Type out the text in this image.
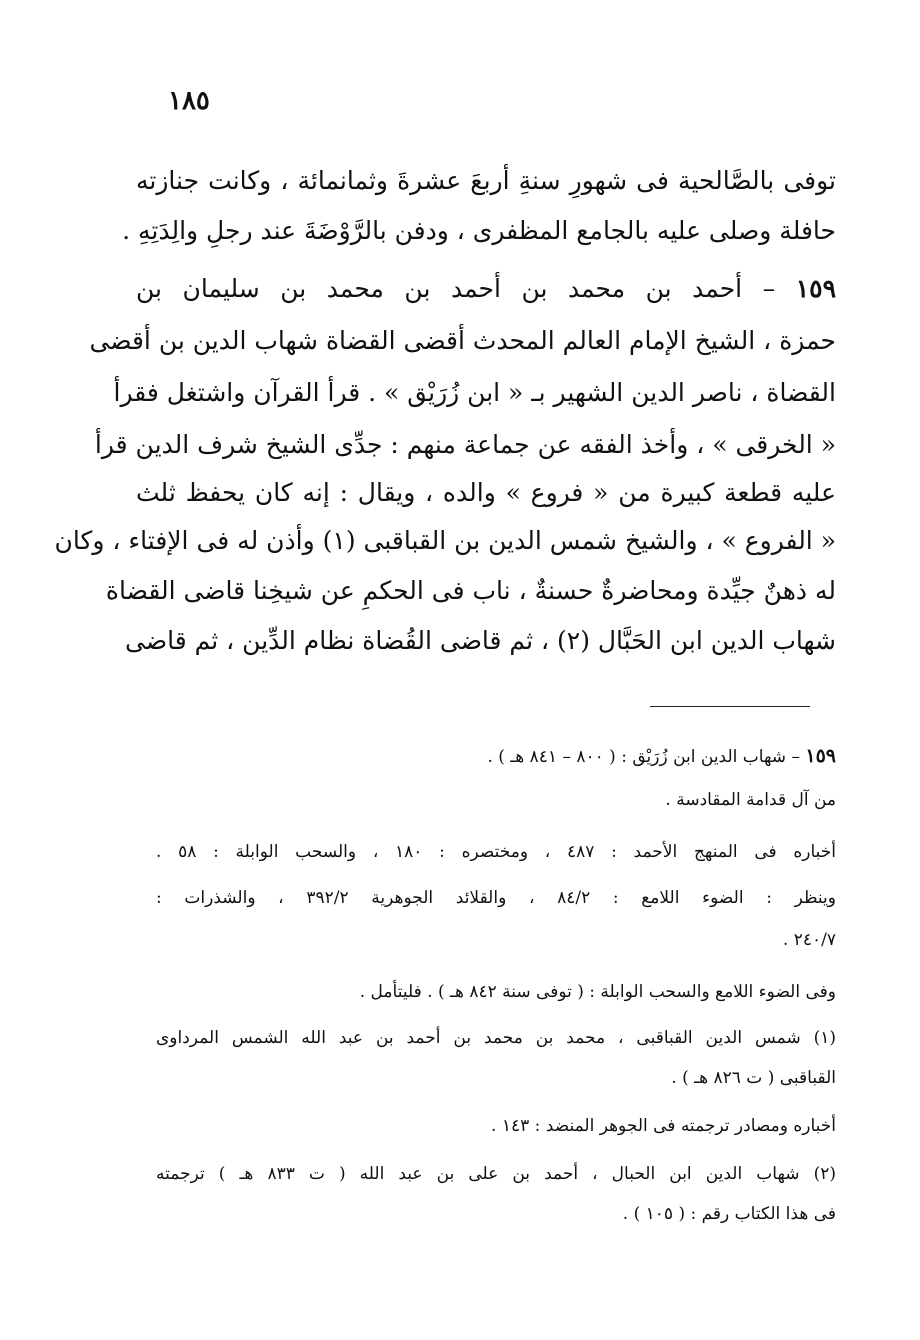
١٨٥
توفى بالصَّالحية فى شهورِ سنةِ أربعَ عشرةَ وثمانمائة ، وكانت جنازته
حافلة وصلى عليه بالجامع المظفرى ، ودفن بالرَّوْضَةَ عند رجلِ والِدَتِهِ .
١٥٩ – أحمد بن محمد بن أحمد بن محمد بن سليمان بن
حمزة ، الشيخ الإمام العالم المحدث أقضى القضاة شهاب الدين بن أقضى
القضاة ، ناصر الدين الشهير بـ « ابن زُرَيْق » . قرأ القرآن واشتغل فقرأ
« الخرقى » ، وأخذ الفقه عن جماعة منهم : جدِّى الشيخ شرف الدين قرأ
عليه قطعة كبيرة من « فروع » والده ، ويقال : إنه كان يحفظ ثلث
« الفروع » ، والشيخ شمس الدين بن القباقبى (١) وأذن له فى الإفتاء ، وكان
له ذهنٌ جيِّدة ومحاضرةٌ حسنةٌ ، ناب فى الحكمِ عن شيخِنا قاضى القضاة
شهاب الدين ابن الحَبَّال (٢) ، ثم قاضى القُضاة نظام الدِّين ، ثم قاضى
١٥٩ – شهاب الدين ابن زُرَيْق : ( ٨٠٠ – ٨٤١ هـ ) .
من آل قدامة المقادسة .
أخباره فى المنهج الأحمد : ٤٨٧ ، ومختصره : ١٨٠ ، والسحب الوابلة : ٥٨ .
وينظر : الضوء اللامع : ٨٤/٢ ، والقلائد الجوهرية ٣٩٢/٢ ، والشذرات :
٢٤٠/٧ .
وفى الضوء اللامع والسحب الوابلة : ( توفى سنة ٨٤٢ هـ ) . فليتأمل .
(١) شمس الدين القباقبى ، محمد بن محمد بن أحمد بن عبد الله الشمس المرداوى
القباقبى ( ت ٨٢٦ هـ ) .
أخباره ومصادر ترجمته فى الجوهر المنضد : ١٤٣ .
(٢) شهاب الدين ابن الحبال ، أحمد بن على بن عبد الله ( ت ٨٣٣ هـ ) ترجمته
فى هذا الكتاب رقم : ( ١٠٥ ) .
